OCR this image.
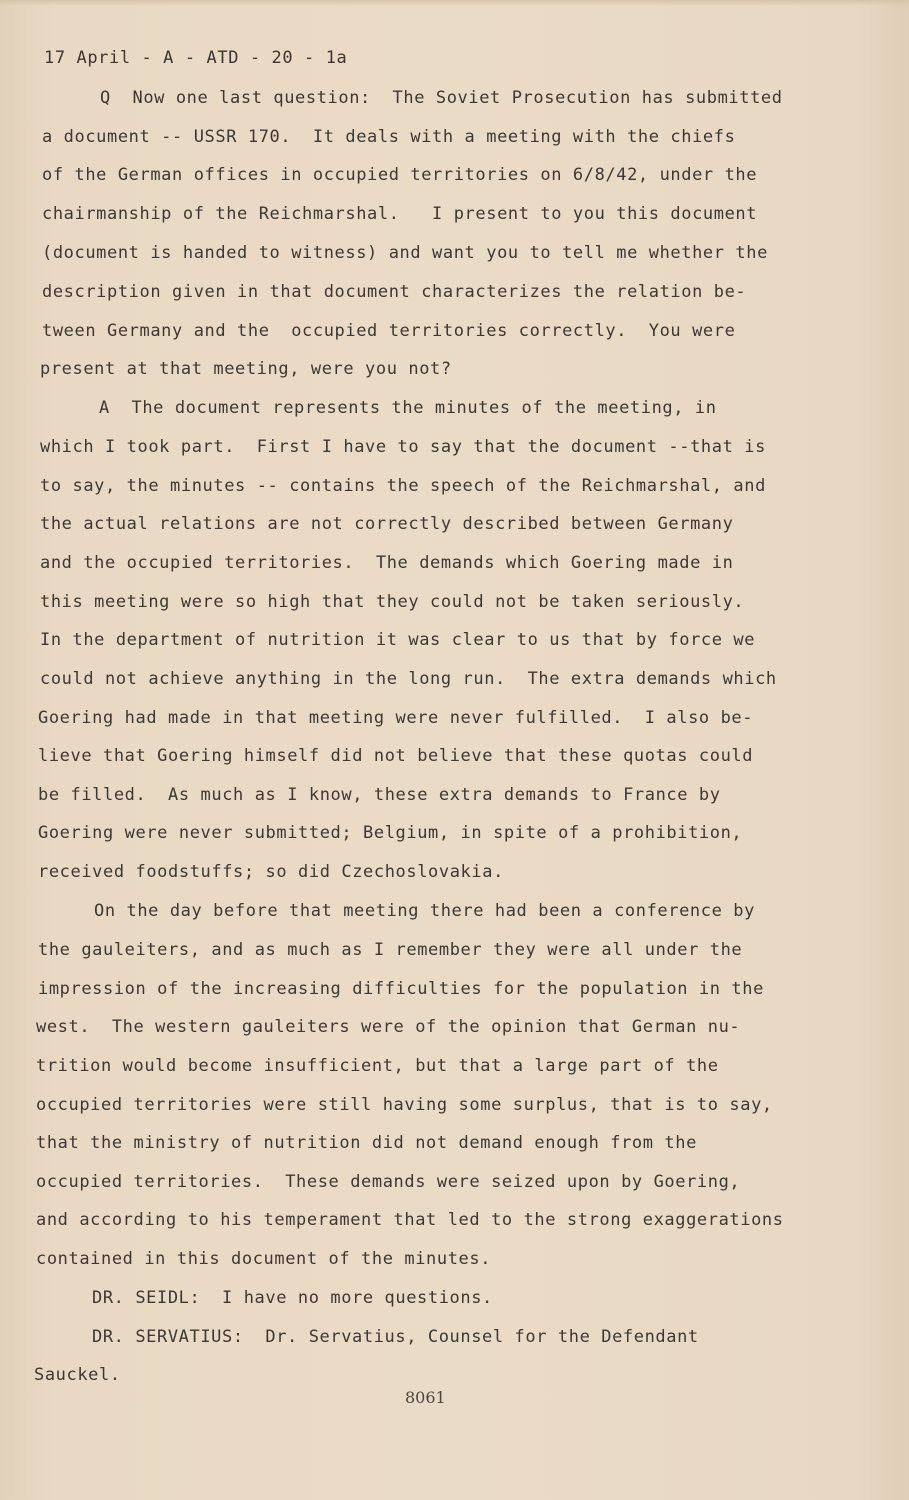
17 April - A - ATD - 20 - 1a
Q  Now one last question:  The Soviet Prosecution has submitted
a document -- USSR 170.  It deals with a meeting with the chiefs
of the German offices in occupied territories on 6/8/42, under the
chairmanship of the Reichmarshal.   I present to you this document
(document is handed to witness) and want you to tell me whether the
description given in that document characterizes the relation be-
tween Germany and the  occupied territories correctly.  You were
present at that meeting, were you not?
A  The document represents the minutes of the meeting, in
which I took part.  First I have to say that the document --that is
to say, the minutes -- contains the speech of the Reichmarshal, and
the actual relations are not correctly described between Germany
and the occupied territories.  The demands which Goering made in
this meeting were so high that they could not be taken seriously.
In the department of nutrition it was clear to us that by force we
could not achieve anything in the long run.  The extra demands which
Goering had made in that meeting were never fulfilled.  I also be-
lieve that Goering himself did not believe that these quotas could
be filled.  As much as I know, these extra demands to France by
Goering were never submitted; Belgium, in spite of a prohibition,
received foodstuffs; so did Czechoslovakia.
On the day before that meeting there had been a conference by
the gauleiters, and as much as I remember they were all under the
impression of the increasing difficulties for the population in the
west.  The western gauleiters were of the opinion that German nu-
trition would become insufficient, but that a large part of the
occupied territories were still having some surplus, that is to say,
that the ministry of nutrition did not demand enough from the
occupied territories.  These demands were seized upon by Goering,
and according to his temperament that led to the strong exaggerations
contained in this document of the minutes.
DR. SEIDL:  I have no more questions.
DR. SERVATIUS:  Dr. Servatius, Counsel for the Defendant
Sauckel.
8061
